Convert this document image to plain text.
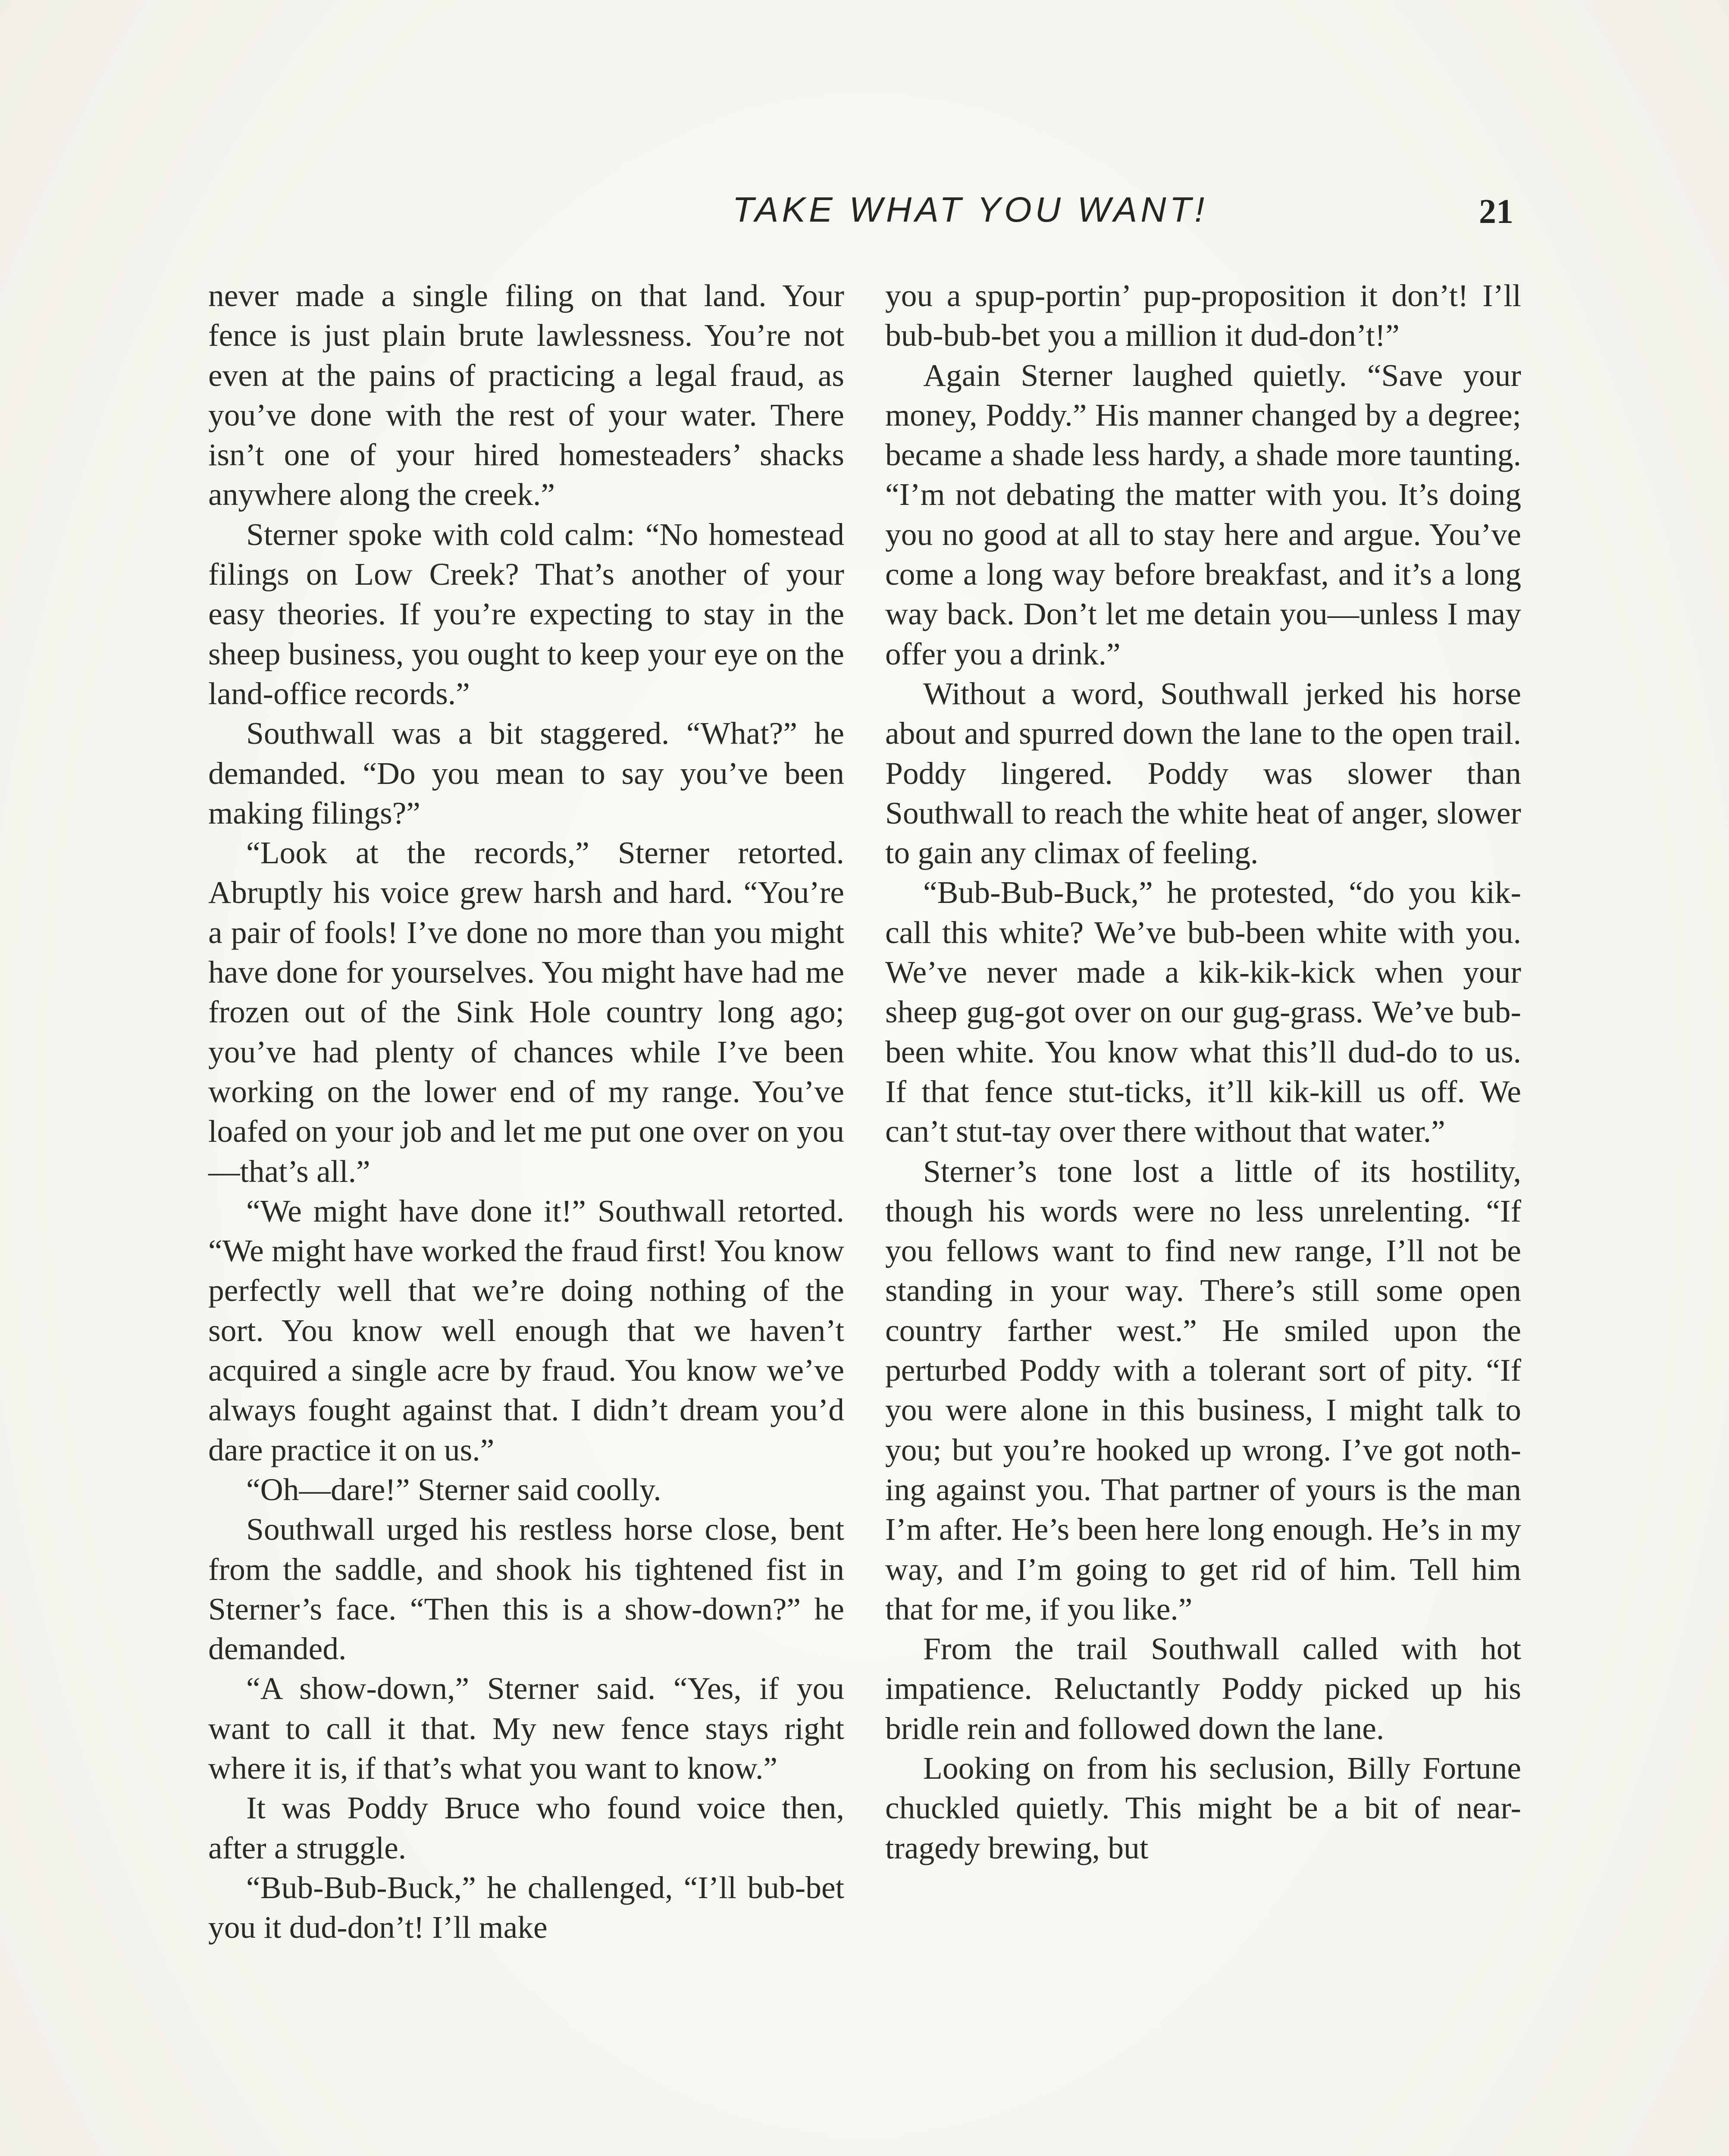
TAKE WHAT YOU WANT!	21

never made a single filing on that land. Your fence is just plain brute lawlessness. You’re not even at the pains of practicing a legal fraud, as you’ve done with the rest of your water. There isn’t one of your hired homesteaders’ shacks anywhere along the creek.”

Sterner spoke with cold calm: “No homestead filings on Low Creek? That’s another of your easy theories. If you’re expecting to stay in the sheep business, you ought to keep your eye on the land-office records.”

Southwall was a bit staggered. “What?” he demanded. “Do you mean to say you’ve been making filings?”

“Look at the records,” Sterner retorted. Abruptly his voice grew harsh and hard. “You’re a pair of fools! I’ve done no more than you might have done for yourselves. You might have had me frozen out of the Sink Hole country long ago; you’ve had plenty of chances while I’ve been working on the lower end of my range. You’ve loafed on your job and let me put one over on you—that’s all.”

“We might have done it!” Southwall retorted. “We might have worked the fraud first! You know perfectly well that we’re doing nothing of the sort. You know well enough that we haven’t acquired a single acre by fraud. You know we’ve always fought against that. I didn’t dream you’d dare practice it on us.”

“Oh—dare!” Sterner said coolly.

Southwall urged his restless horse close, bent from the saddle, and shook his tightened fist in Sterner’s face. “Then this is a show-down?” he demanded.

“A show-down,” Sterner said. “Yes, if you want to call it that. My new fence stays right where it is, if that’s what you want to know.”

It was Poddy Bruce who found voice then, after a struggle.

“Bub-Bub-Buck,” he challenged, “I’ll bub-bet you it dud-don’t! I’ll make

you a spup-portin’ pup-proposition it don’t! I’ll bub-bub-bet you a million it dud-don’t!”

Again Sterner laughed quietly. “Save your money, Poddy.” His manner changed by a degree; became a shade less hardy, a shade more taunting. “I’m not debating the matter with you. It’s doing you no good at all to stay here and argue. You’ve come a long way before breakfast, and it’s a long way back. Don’t let me detain you—unless I may offer you a drink.”

Without a word, Southwall jerked his horse about and spurred down the lane to the open trail. Poddy lingered. Poddy was slower than Southwall to reach the white heat of anger, slower to gain any climax of feeling.

“Bub-Bub-Buck,” he protested, “do you kik-call this white? We’ve bub-been white with you. We’ve never made a kik-kik-kick when your sheep gug-got over on our gug-grass. We’ve bub-been white. You know what this’ll dud-do to us. If that fence stut-ticks, it’ll kik-kill us off. We can’t stut-tay over there without that water.”

Sterner’s tone lost a little of its hostility, though his words were no less unrelenting. “If you fellows want to find new range, I’ll not be standing in your way. There’s still some open country farther west.” He smiled upon the perturbed Poddy with a tolerant sort of pity. “If you were alone in this business, I might talk to you; but you’re hooked up wrong. I’ve got nothing against you. That partner of yours is the man I’m after. He’s been here long enough. He’s in my way, and I’m going to get rid of him. Tell him that for me, if you like.”

From the trail Southwall called with hot impatience. Reluctantly Poddy picked up his bridle rein and followed down the lane.

Looking on from his seclusion, Billy Fortune chuckled quietly. This might be a bit of near-tragedy brewing, but
